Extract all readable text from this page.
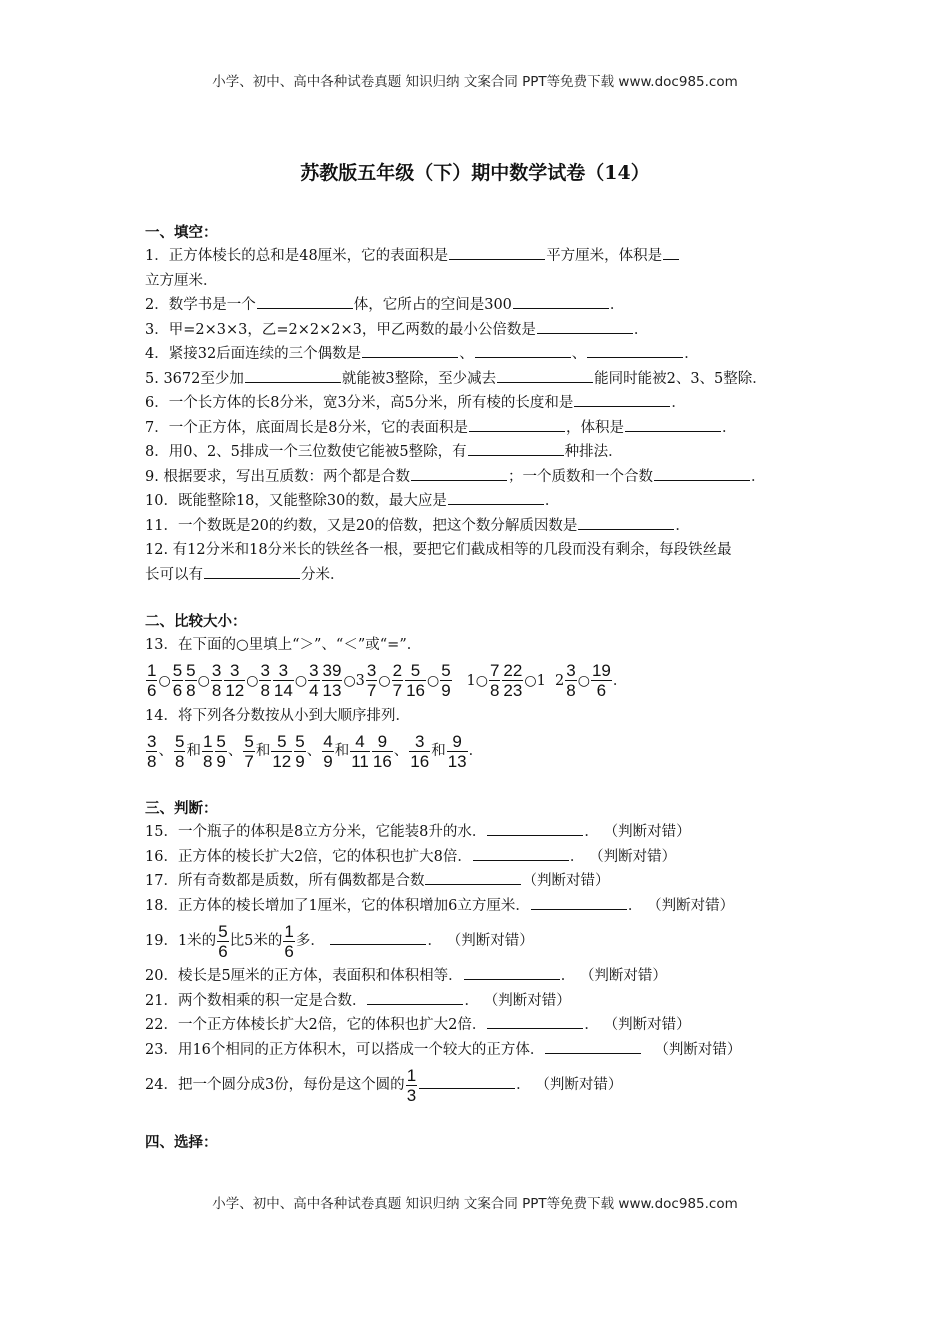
小学、初中、高中各种试卷真题 知识归纳 文案合同 PPT等免费下载 www.doc985.com
苏教版五年级（下）期中数学试卷（14）
一、填空：
1．正方体棱长的总和是48厘米，它的表面积是	平方厘米，体积是
立方厘米．
2．数学书是一个	体，它所占的空间是300	．
3．甲=2×3×3，乙=2×2×2×3，甲乙两数的最小公倍数是	．
4．紧接32后面连续的三个偶数是	、	、	．
5. 3672至少加	就能被3整除，至少减去	能同时能被2、3、5整除．
6．一个长方体的长8分米，宽3分米，高5分米，所有棱的长度和是	．
7．一个正方体，底面周长是8分米，它的表面积是	，体积是	．
8．用0、2、5排成一个三位数使它能被5整除，有	种排法．
9. 根据要求，写出互质数：两个都是合数	；一个质数和一个合数	．
10．既能整除18，又能整除30的数，最大应是	．
11．一个数既是20的约数，又是20的倍数，把这个数分解质因数是	．
12. 有12分米和18分米长的铁丝各一根，要把它们截成相等的几段而没有剩余，每段铁丝最
长可以有	分米．
二、比较大小：
13．在下面的○里填上“＞”、“＜”或“=”．
$\frac{1}{6}$ ○ $\frac{5}{6} \frac{5}{8}$ ○ $\frac{3}{8} \frac{3}{12}$ ○ $\frac{3}{8} \frac{3}{14}$ ○ $\frac{3}{4} \frac{39}{13}$ ○3 $\frac{3}{7}$ ○ $\frac{2}{7} \frac{5}{16}$ ○ $\frac{5}{9}$ 1○ $\frac{7}{8} \frac{22}{23}$ ○1 $2 \frac{3}{8}$ ○ $\frac{19}{6}$ ．
14．将下列各分数按从小到大顺序排列．
$\frac{3}{8}$ 、 $\frac{5}{8}$ 和 $\frac{1}{8} \frac{5}{9}$ 、 $\frac{5}{7}$ 和 $\frac{5}{12} \frac{5}{9}$ 、 $\frac{4}{9}$ 和 $\frac{4}{11} \frac{9}{16}$ 、 $\frac{3}{16}$ 和 $\frac{9}{13}$ ．
三、判断：
15．一个瓶子的体积是8立方分米，它能装8升的水．	． （判断对错）
16．正方体的棱长扩大2倍，它的体积也扩大8倍．	． （判断对错）
17．所有奇数都是质数，所有偶数都是合数	（判断对错）
18．正方体的棱长增加了1厘米，它的体积增加6立方厘米．	． （判断对错）
19．1米的 $\frac{5}{6}$ 比5米的 $\frac{1}{6}$ 多．	． （判断对错）
20．棱长是5厘米的正方体，表面积和体积相等．	． （判断对错）
21．两个数相乘的积一定是合数．	． （判断对错）
22．一个正方体棱长扩大2倍，它的体积也扩大2倍．	． （判断对错）
23．用16个相同的正方体积木，可以搭成一个较大的正方体．	（判断对错）
24．把一个圆分成3份，每份是这个圆的 $\frac{1}{3}$	． （判断对错）
四、选择：
小学、初中、高中各种试卷真题 知识归纳 文案合同 PPT等免费下载 www.doc985.com
